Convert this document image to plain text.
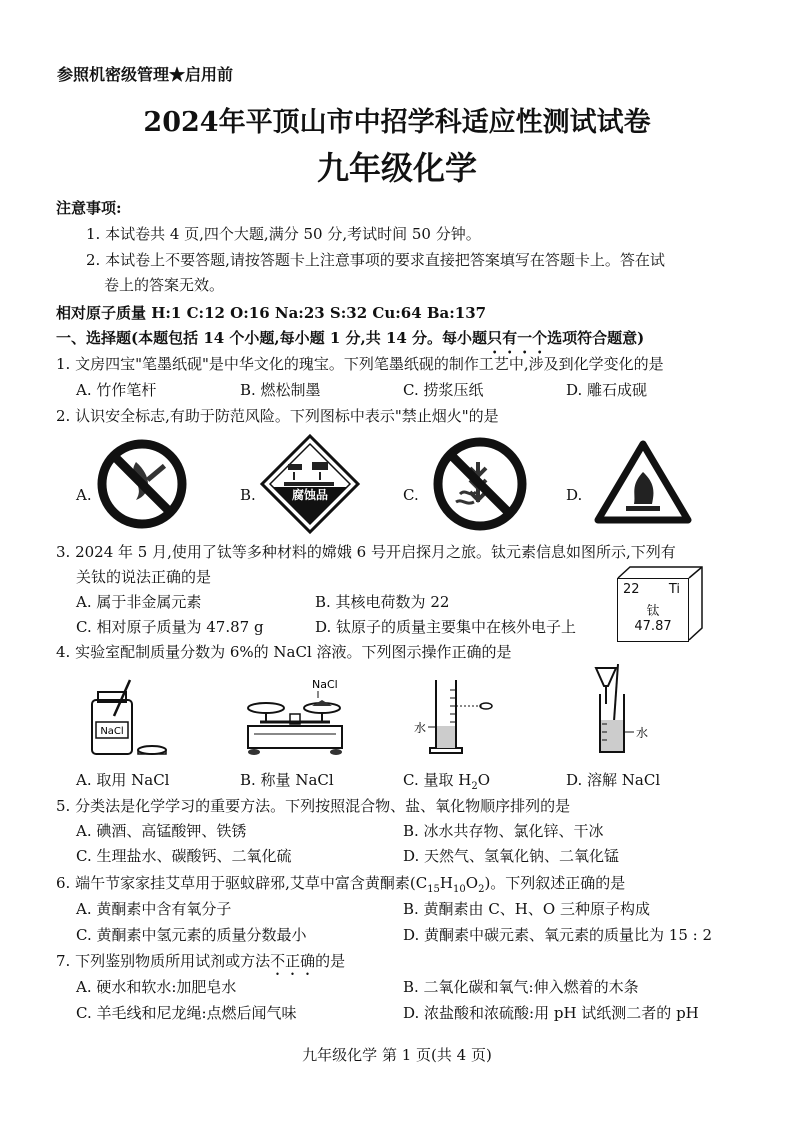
参照机密级管理★启用前
2024年平顶山市中招学科适应性测试试卷
九年级化学
注意事项:
1. 本试卷共 4 页,四个大题,满分 50 分,考试时间 50 分钟。
2. 本试卷上不要答题,请按答题卡上注意事项的要求直接把答案填写在答题卡上。答在试
卷上的答案无效。
相对原子质量 H:1 C:12 O:16 Na:23 S:32 Cu:64 Ba:137
一、选择题(本题包括 14 个小题,每小题 1 分,共 14 分。每小题只有一个选项符合题意)
1. 文房四宝"笔墨纸砚"是中华文化的瑰宝。下列笔墨纸砚的制作工艺中,涉及到化学变化的是
A. 竹作笔杆	B. 燃松制墨	C. 捞浆压纸	D. 雕石成砚
2. 认识安全标志,有助于防范风险。下列图标中表示"禁止烟火"的是
A.	B.	C.	D.
腐蚀品
3. 2024 年 5 月,使用了钛等多种材料的嫦娥 6 号开启探月之旅。钛元素信息如图所示,下列有
关钛的说法正确的是
A. 属于非金属元素	B. 其核电荷数为 22
C. 相对原子质量为 47.87 g	D. 钛原子的质量主要集中在核外电子上
22 Ti
钛
47.87
4. 实验室配制质量分数为 6%的 NaCl 溶液。下列图示操作正确的是
NaCl
NaCl
水	水
A. 取用 NaCl	B. 称量 NaCl	C. 量取 $H_2O$	D. 溶解 NaCl
5. 分类法是化学学习的重要方法。下列按照混合物、盐、氧化物顺序排列的是
A. 碘酒、高锰酸钾、铁锈	B. 冰水共存物、氯化锌、干冰
C. 生理盐水、碳酸钙、二氧化硫	D. 天然气、氢氧化钠、二氧化锰
6. 端午节家家挂艾草用于驱蚊辟邪,艾草中富含黄酮素$(C_{15}H_{10}O_2)$。下列叙述正确的是
A. 黄酮素中含有氧分子	B. 黄酮素由 C、H、O 三种原子构成
C. 黄酮素中氢元素的质量分数最小	D. 黄酮素中碳元素、氧元素的质量比为 15 : 2
7. 下列鉴别物质所用试剂或方法不正确的是
A. 硬水和软水:加肥皂水	B. 二氧化碳和氧气:伸入燃着的木条
C. 羊毛线和尼龙绳:点燃后闻气味	D. 浓盐酸和浓硫酸:用 pH 试纸测二者的 pH
九年级化学 第 1 页(共 4 页)
